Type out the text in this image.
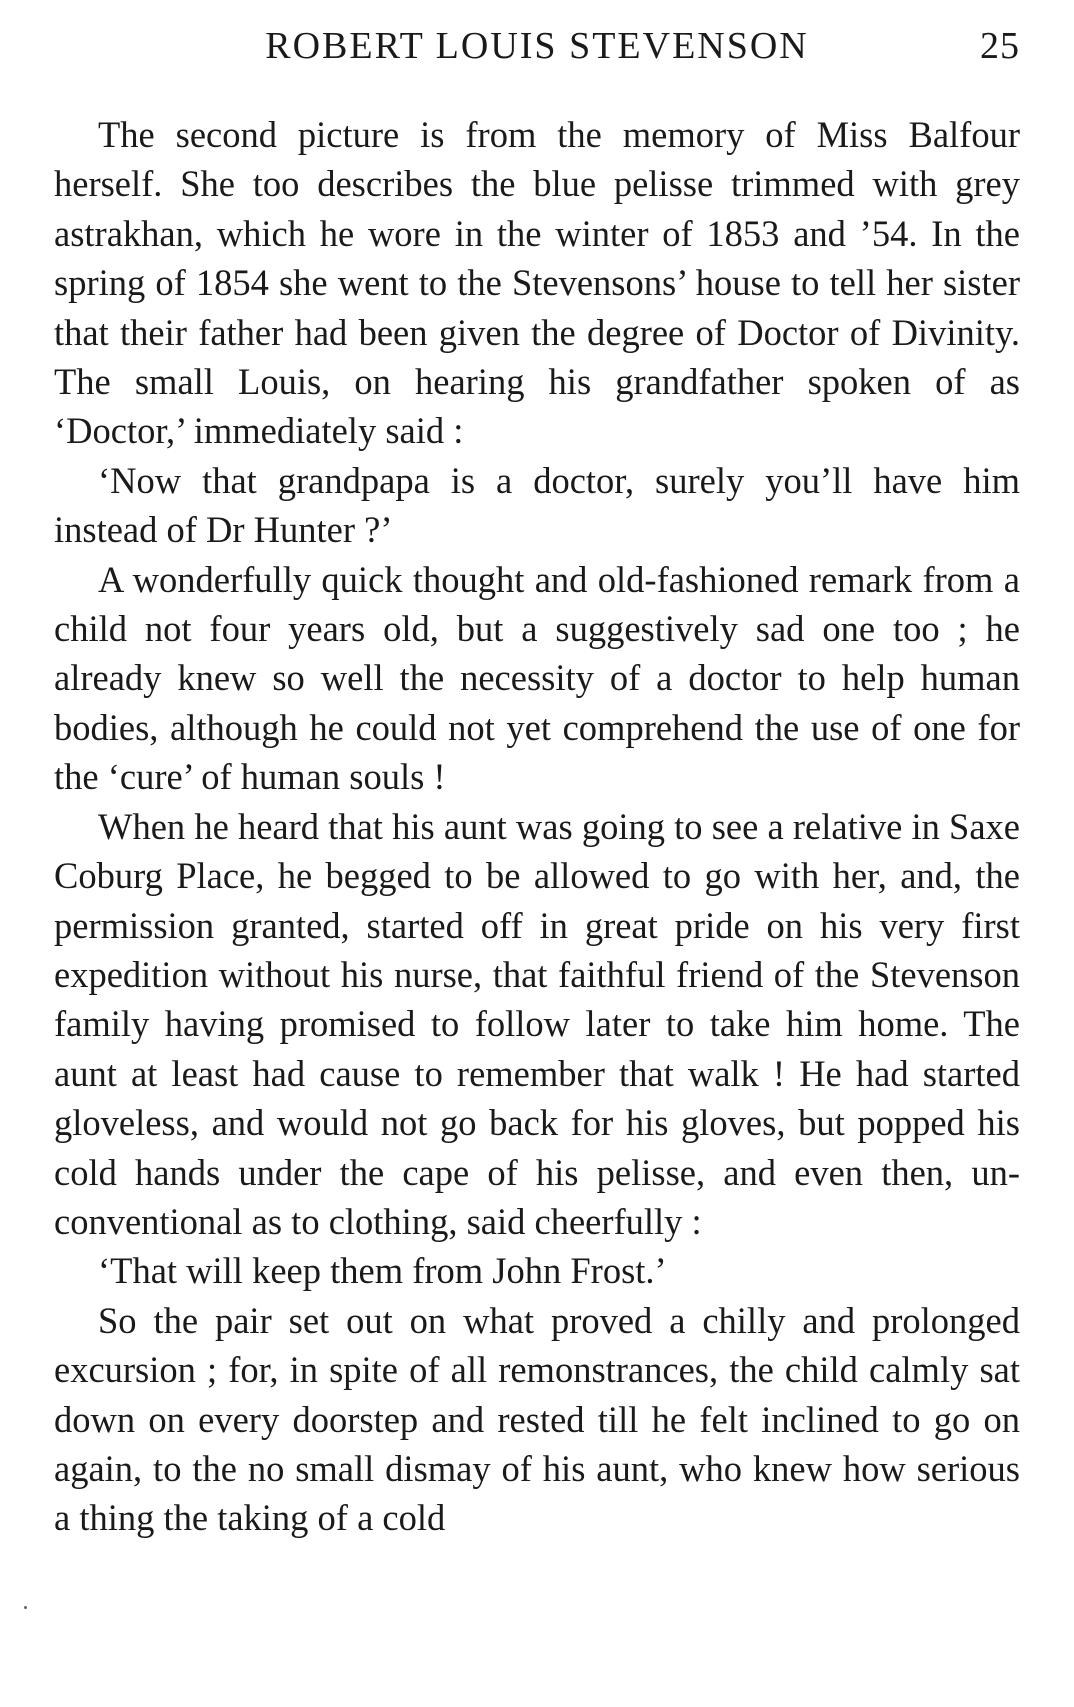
ROBERT LOUIS STEVENSON	25

The second picture is from the memory of Miss Balfour herself. She too describes the blue pelisse trimmed with grey astrakhan, which he wore in the winter of 1853 and ’54. In the spring of 1854 she went to the Stevensons’ house to tell her sister that their father had been given the degree of Doctor of Divinity. The small Louis, on hearing his grandfather spoken of as ‘Doctor,’ immediately said :

‘Now that grandpapa is a doctor, surely you’ll have him instead of Dr Hunter ?’

A wonderfully quick thought and old-fashioned remark from a child not four years old, but a suggestively sad one too ; he already knew so well the necessity of a doctor to help human bodies, although he could not yet comprehend the use of one for the ‘cure’ of human souls !

When he heard that his aunt was going to see a relative in Saxe Coburg Place, he begged to be allowed to go with her, and, the permission granted, started off in great pride on his very first expedition without his nurse, that faithful friend of the Stevenson family having promised to follow later to take him home. The aunt at least had cause to remember that walk ! He had started gloveless, and would not go back for his gloves, but popped his cold hands under the cape of his pelisse, and even then, unconventional as to clothing, said cheerfully :

‘That will keep them from John Frost.’

So the pair set out on what proved a chilly and prolonged excursion ; for, in spite of all remonstrances, the child calmly sat down on every doorstep and rested till he felt inclined to go on again, to the no small dismay of his aunt, who knew how serious a thing the taking of a cold
